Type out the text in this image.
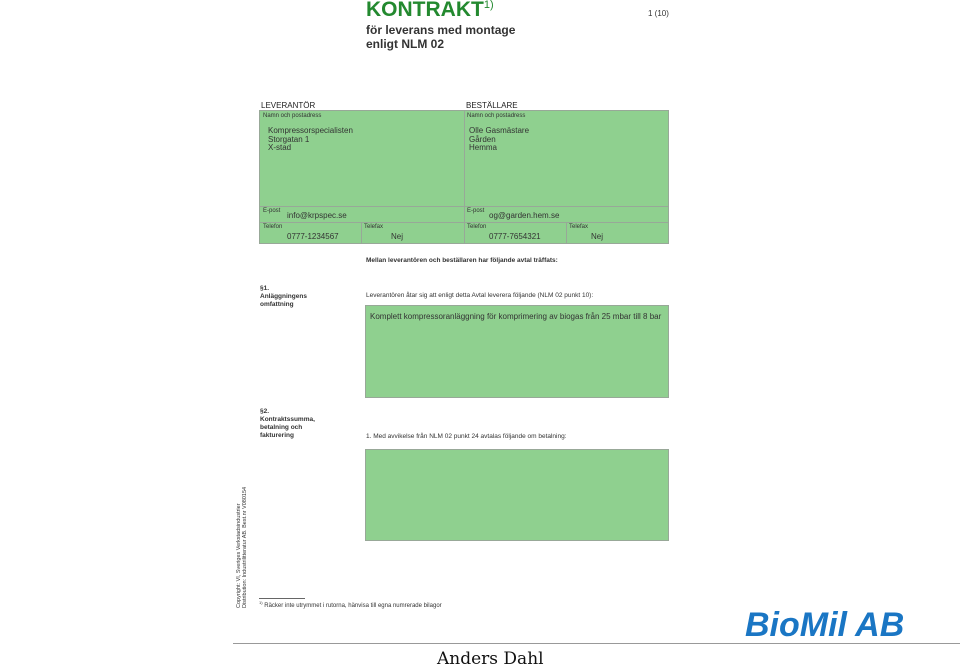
KONTRAKT$^{1)}$
för leverans med montage
enligt NLM 02
1 (10)
LEVERANTÖR	BESTÄLLARE
Namn och postadress
Kompressorspecialisten
Storgatan 1
X-stad
Namn och postadress
Olle Gasmästare
Gården
Hemma
E-post info@krpspec.se	E-post og@garden.hem.se
Telefon
0777-1234567
Telefax
Nej
Telefon
0777-7654321
Telefax
Nej
Mellan leverantören och beställaren har följande avtal träffats:
§1.
Anläggningens
omfattning
Leverantören åtar sig att enligt detta Avtal leverera följande (NLM 02 punkt 10):
Komplett kompressoranläggning för komprimering av biogas från 25 mbar till 8 bar
§2.
Kontraktssumma,
betalning och
fakturering	1. Med avvikelse från NLM 02 punkt 24 avtalas följande om betalning:
Copyright: VI, Sveriges Verkstadsindustrier Distribution: Industrilitteratur AB. Best.nr V080154	$^{1)}$ Räcker inte utrymmet i rutorna, hänvisa till egna numrerade bilagor	BioMil AB
Anders Dahl
